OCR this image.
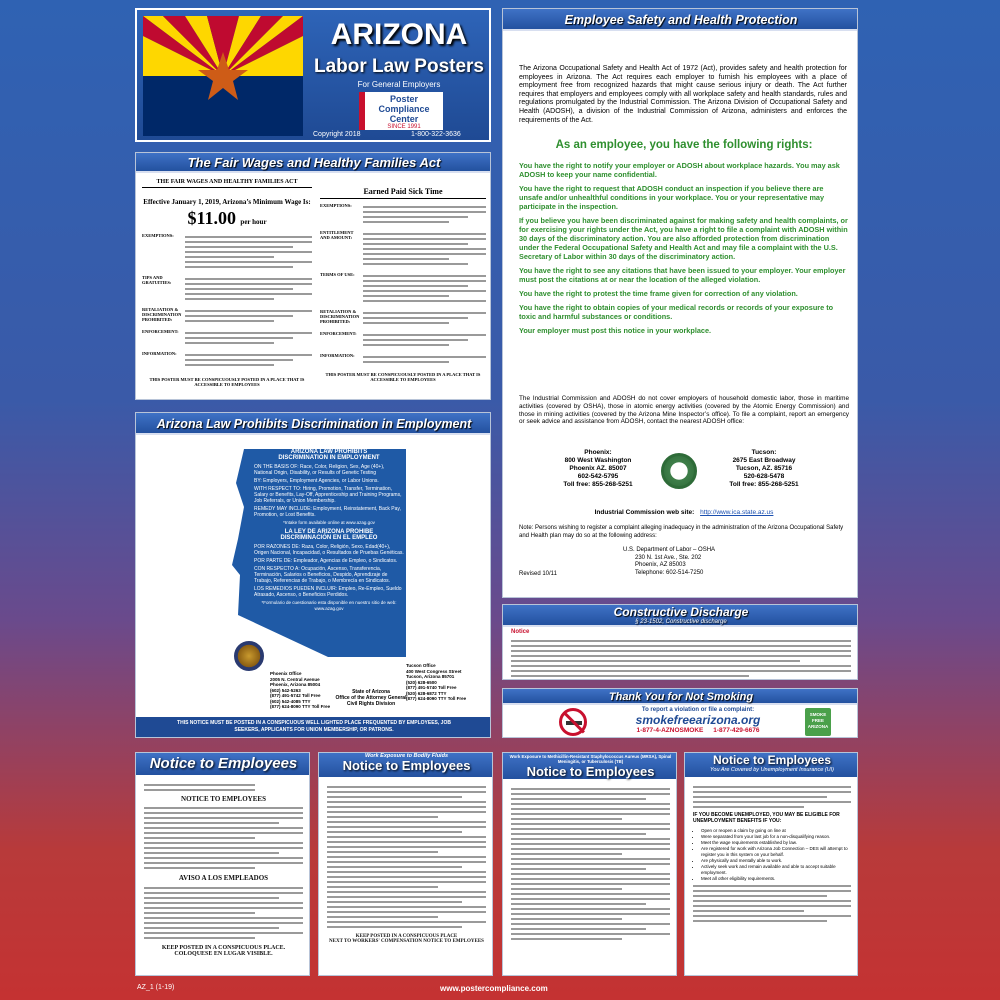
ARIZONA
Labor Law Posters
For General Employers
Poster
Compliance
Center
SINCE 1991
Copyright 2018	1-800-322-3636
The Fair Wages and Healthy Families Act
THE FAIR WAGES AND HEALTHY FAMILIES ACT
Effective January 1, 2019, Arizona’s Minimum Wage Is:
$11.00 per hour
EXEMPTIONS:
TIPS AND GRATUITIES:
RETALIATION & DISCRIMINATION PROHIBITED:
ENFORCEMENT:
INFORMATION:
THIS POSTER MUST BE CONSPICUOUSLY POSTED IN A PLACE THAT IS ACCESSIBLE TO EMPLOYEES
Earned Paid Sick Time
EXEMPTIONS:
ENTITLEMENT AND AMOUNT:
TERMS OF USE:
RETALIATION & DISCRIMINATION PROHIBITED:
ENFORCEMENT:
INFORMATION:
THIS POSTER MUST BE CONSPICUOUSLY POSTED IN A PLACE THAT IS ACCESSIBLE TO EMPLOYEES
Arizona Law Prohibits Discrimination in Employment
ARIZONA LAW PROHIBITS
DISCRIMINATION IN EMPLOYMENT
ON THE BASIS OF: Race, Color, Religion, Sex, Age (40+), National Origin, Disability, or Results of Genetic Testing
BY: Employers, Employment Agencies, or Labor Unions.
WITH RESPECT TO: Hiring, Promotion, Transfer, Termination, Salary or Benefits, Lay-Off, Apprenticeship and Training Programs, Job Referrals, or Union Membership.
REMEDY MAY INCLUDE: Employment, Reinstatement, Back Pay, Promotion, or Lost Benefits.
*Intake form available online at www.azag.gov
LA LEY DE ARIZONA PROHIBE
DISCRIMINACIÓN EN EL EMPLEO
POR RAZONES DE: Raza, Color, Religión, Sexo, Edad(40+), Origen Nacional, Incapacidad, o Resultados de Pruebas Genéticas.
POR PARTE DE: Empleador, Agencias de Empleo, o Sindicatos.
CON RESPECTO A: Ocupación, Ascenso, Transferencia, Terminación, Salarios o Beneficios, Despido, Aprendizaje de Trabajo, Referencias de Trabajo, o Membrecía en Sindicatos.
LOS REMEDIOS PUEDEN INCLUIR: Empleo, Re-Empleo, Sueldo Atrasado, Ascenso, o Beneficios Perdidos.
*Formulario de cuestionario esta disponible en nuestro sitio de web: www.azag.gov
Phoenix Office
2005 N. Central Avenue
Phoenix, Arizona 85004
(602) 542-5263
(877) 491-5742 Toll Free
(602) 542-4085 TTY
(877) 624-8090 TTY Toll Free
State of Arizona
Office of the Attorney General
Civil Rights Division
Tucson Office
400 West Congress Street
Tucson, Arizona 85701
(520) 628-6500
(877) 491-5740 Toll Free
(520) 628-6872 TTY
(877) 624-8090 TTY Toll Free
THIS NOTICE MUST BE POSTED IN A CONSPICUOUS WELL LIGHTED PLACE FREQUENTED BY EMPLOYEES, JOB SEEKERS, APPLICANTS FOR UNION MEMBERSHIP, OR PATRONS.
Employee Safety and Health Protection
The Arizona Occupational Safety and Health Act of 1972 (Act), provides safety and health protection for employees in Arizona. The Act requires each employer to furnish his employees with a place of employment free from recognized hazards that might cause serious injury or death. The Act further requires that employers and employees comply with all workplace safety and health standards, rules and regulations promulgated by the Industrial Commission. The Arizona Division of Occupational Safety and Health (ADOSH), a division of the Industrial Commission of Arizona, administers and enforces the requirements of the Act.
As an employee, you have the following rights:
You have the right to notify your employer or ADOSH about workplace hazards. You may ask ADOSH to keep your name confidential.
You have the right to request that ADOSH conduct an inspection if you believe there are unsafe and/or unhealthful conditions in your workplace. You or your representative may participate in the inspection.
If you believe you have been discriminated against for making safety and health complaints, or for exercising your rights under the Act, you have a right to file a complaint with ADOSH within 30 days of the discriminatory action. You are also afforded protection from discrimination under the Federal Occupational Safety and Health Act and may file a complaint with the U.S. Secretary of Labor within 30 days of the discriminatory action.
You have the right to see any citations that have been issued to your employer. Your employer must post the citations at or near the location of the alleged violation.
You have the right to protest the time frame given for correction of any violation.
You have the right to obtain copies of your medical records or records of your exposure to toxic and harmful substances or conditions.
Your employer must post this notice in your workplace.
The Industrial Commission and ADOSH do not cover employers of household domestic labor, those in maritime activities (covered by OSHA), those in atomic energy activities (covered by the Atomic Energy Commission) and those in mining activities (covered by the Arizona Mine Inspector’s office). To file a complaint, report an emergency or seek advice and assistance from ADOSH, contact the nearest ADOSH office:
Phoenix:
800 West Washington
Phoenix AZ. 85007
602-542-5795
Toll free: 855-268-5251
Tucson:
2675 East Broadway
Tucson, AZ. 85716
520-628-5478
Toll free: 855-268-5251
Industrial Commission web site: http://www.ica.state.az.us
Note: Persons wishing to register a complaint alleging inadequacy in the administration of the Arizona Occupational Safety and Health plan may do so at the following address:
U.S. Department of Labor – OSHA
230 N. 1st Ave., Ste. 202
Phoenix, AZ 85003
Telephone: 602-514-7250
Revised 10/11
Constructive Discharge
§ 23-1502, Constructive discharge
Notice
Thank You for Not Smoking
To report a violation or file a complaint:
smokefreearizona.org
1-877-4-AZNOSMOKE 1-877-429-6676
SMOKE
FREE
ARIZONA
Notice to Employees
NOTICE TO EMPLOYEES
AVISO A LOS EMPLEADOS
KEEP POSTED IN A CONSPICUOUS PLACE.
COLOQUESE EN LUGAR VISIBLE.
Work Exposure to Bodily Fluids
Notice to Employees
KEEP POSTED IN A CONSPICUOUS PLACE
NEXT TO WORKERS' COMPENSATION NOTICE TO EMPLOYEES
Work Exposure to Methicillin-Resistant Staphylococcus Aureus (MRSA), Spinal Meningitis, or Tuberculosis (TB)
Notice to Employees
Notice to Employees
You Are Covered by Unemployment Insurance (UI)
IF YOU BECOME UNEMPLOYED, YOU MAY BE ELIGIBLE FOR UNEMPLOYMENT BENEFITS IF YOU:
• Open or reopen a claim by going on line at
• Were separated from your last job for a non-disqualifying reason.
• Meet the wage requirements established by law.
• Are registered for work with Arizona Job Connection – DES will attempt to register you in this system on your behalf.
• Are physically and mentally able to work.
• Actively seek work and remain available and able to accept suitable employment.
• Meet all other eligibility requirements.
AZ_1 (1-19)	www.postercompliance.com
